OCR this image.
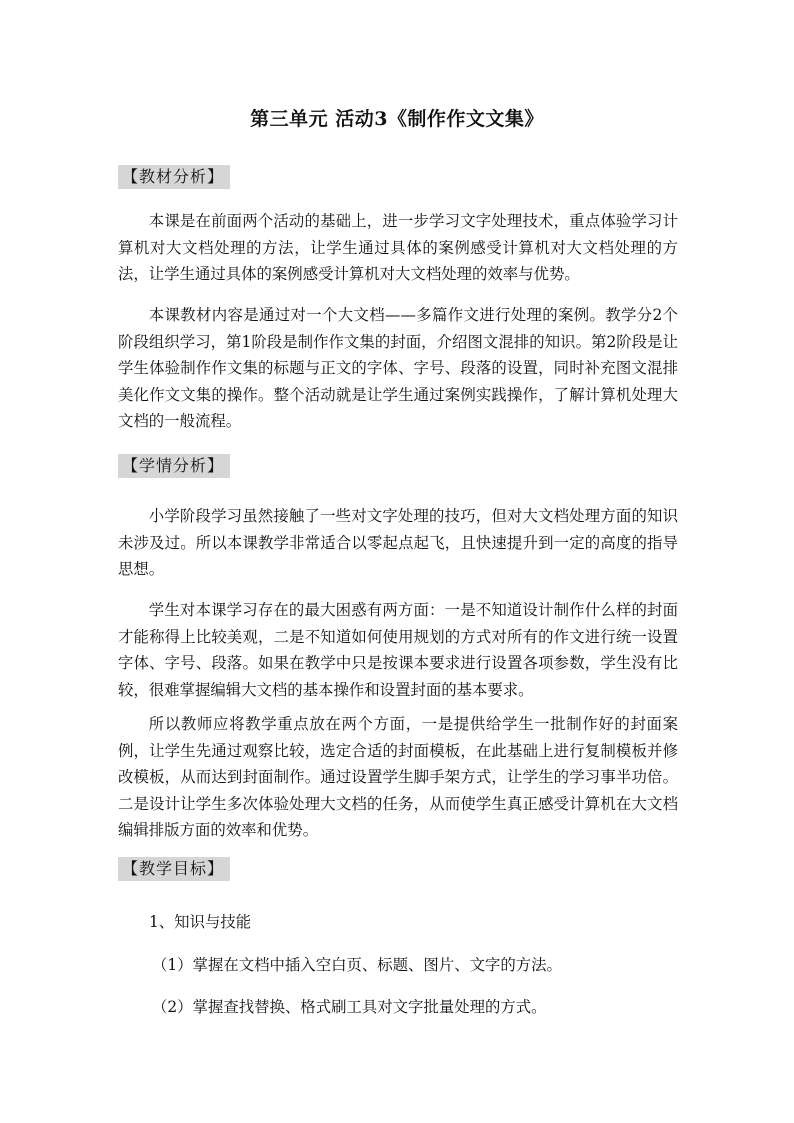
第三单元 活动3《制作作文文集》
【教材分析】

本课是在前面两个活动的基础上，进一步学习文字处理技术，重点体验学习计算机对大文档处理的方法，让学生通过具体的案例感受计算机对大文档处理的方法，让学生通过具体的案例感受计算机对大文档处理的效率与优势。

本课教材内容是通过对一个大文档——多篇作文进行处理的案例。教学分2个阶段组织学习，第1阶段是制作作文集的封面，介绍图文混排的知识。第2阶段是让学生体验制作作文集的标题与正文的字体、字号、段落的设置，同时补充图文混排美化作文文集的操作。整个活动就是让学生通过案例实践操作，了解计算机处理大文档的一般流程。

【学情分析】

小学阶段学习虽然接触了一些对文字处理的技巧，但对大文档处理方面的知识未涉及过。所以本课教学非常适合以零起点起飞，且快速提升到一定的高度的指导思想。

学生对本课学习存在的最大困惑有两方面：一是不知道设计制作什么样的封面才能称得上比较美观，二是不知道如何使用规划的方式对所有的作文进行统一设置字体、字号、段落。如果在教学中只是按课本要求进行设置各项参数，学生没有比较，很难掌握编辑大文档的基本操作和设置封面的基本要求。

所以教师应将教学重点放在两个方面，一是提供给学生一批制作好的封面案例，让学生先通过观察比较，选定合适的封面模板，在此基础上进行复制模板并修改模板，从而达到封面制作。通过设置学生脚手架方式，让学生的学习事半功倍。二是设计让学生多次体验处理大文档的任务，从而使学生真正感受计算机在大文档编辑排版方面的效率和优势。

【教学目标】
1、知识与技能
（1）掌握在文档中插入空白页、标题、图片、文字的方法。
（2）掌握查找替换、格式刷工具对文字批量处理的方式。
